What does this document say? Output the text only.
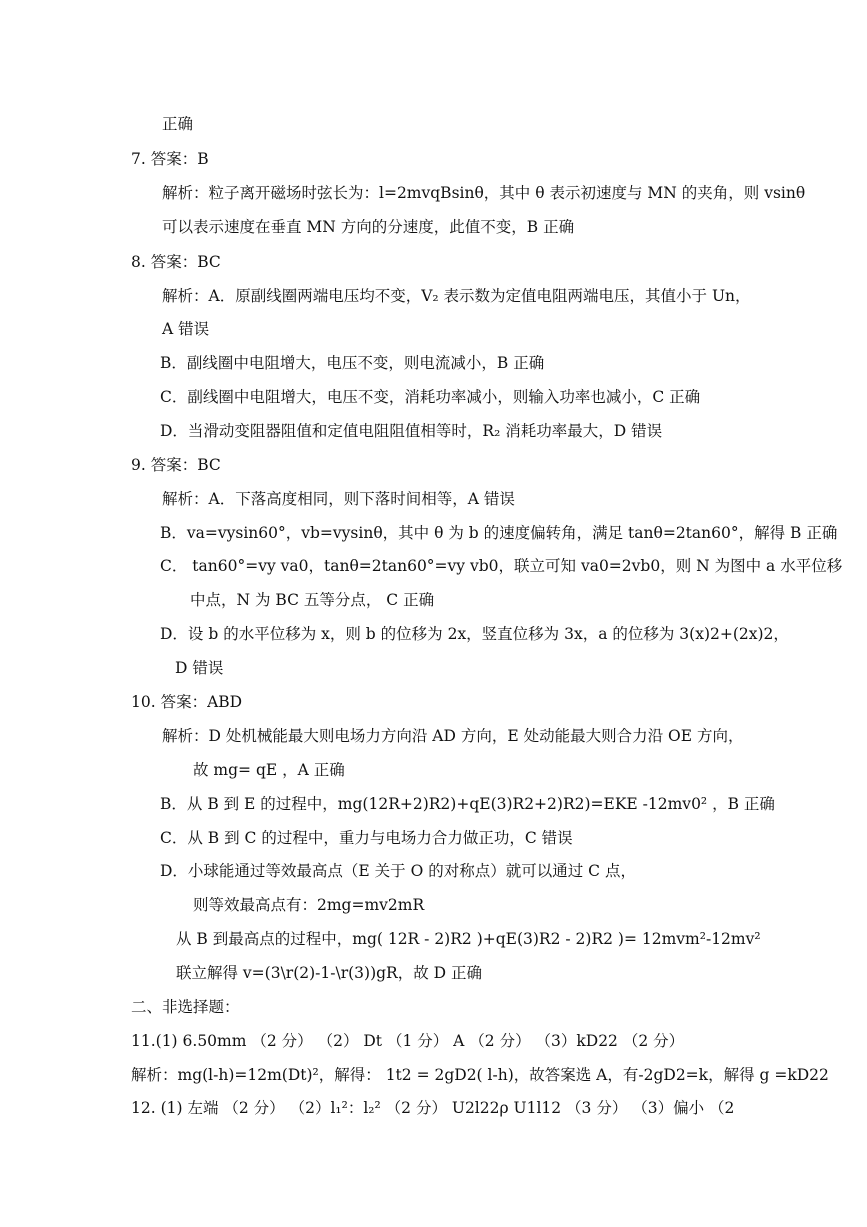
正确
7. 答案：B
解析：粒子离开磁场时弦长为：l=2mvqBsinθ，其中 θ 表示初速度与 MN 的夹角，则 vsinθ
可以表示速度在垂直 MN 方向的分速度，此值不变，B 正确
8. 答案：BC
解析：A．原副线圈两端电压均不变，V₂ 表示数为定值电阻两端电压，其值小于 Un，
A 错误
B．副线圈中电阻增大，电压不变，则电流减小，B 正确
C．副线圈中电阻增大，电压不变，消耗功率减小，则输入功率也减小，C 正确
D．当滑动变阻器阻值和定值电阻阻值相等时，R₂ 消耗功率最大，D 错误
9. 答案：BC
解析：A．下落高度相同，则下落时间相等，A 错误
B．va=vysin60°，vb=vysinθ，其中 θ 为 b 的速度偏转角，满足 tanθ=2tan60°，解得 B 正确
C． tan60°=vy va0，tanθ=2tan60°=vy vb0，联立可知 va0=2vb0，则 N 为图中 a 水平位移
中点，N 为 BC 五等分点， C 正确
D．设 b 的水平位移为 x，则 b 的位移为 2x，竖直位移为 3x，a 的位移为 3(x)2+(2x)2，
D 错误
10. 答案：ABD
解析：D 处机械能最大则电场力方向沿 AD 方向，E 处动能最大则合力沿 OE 方向，
故 mg= qE ，A 正确
B．从 B 到 E 的过程中，mg(12R+2)R2)+qE(3)R2+2)R2)=EKE -12mv0² ，B 正确
C．从 B 到 C 的过程中，重力与电场力合力做正功，C 错误
D．小球能通过等效最高点（E 关于 O 的对称点）就可以通过 C 点，
则等效最高点有：2mg=mv2mR
从 B 到最高点的过程中，mg( 12R - 2)R2 )+qE(3)R2 - 2)R2 )= 12mvm²-12mv²
联立解得 v=(3\r(2)-1-\r(3))gR，故 D 正确
二、非选择题：
11.(1) 6.50mm （2 分） （2） Dt （1 分） A （2 分） （3）kD22 （2 分）
解析：mg(l-h)=12m(Dt)²，解得： 1t2 = 2gD2( l-h)，故答案选 A，有-2gD2=k，解得 g =kD22
12. (1) 左端 （2 分） （2）l₁²：l₂² （2 分） U2l22ρ U1l12 （3 分） （3）偏小 （2
